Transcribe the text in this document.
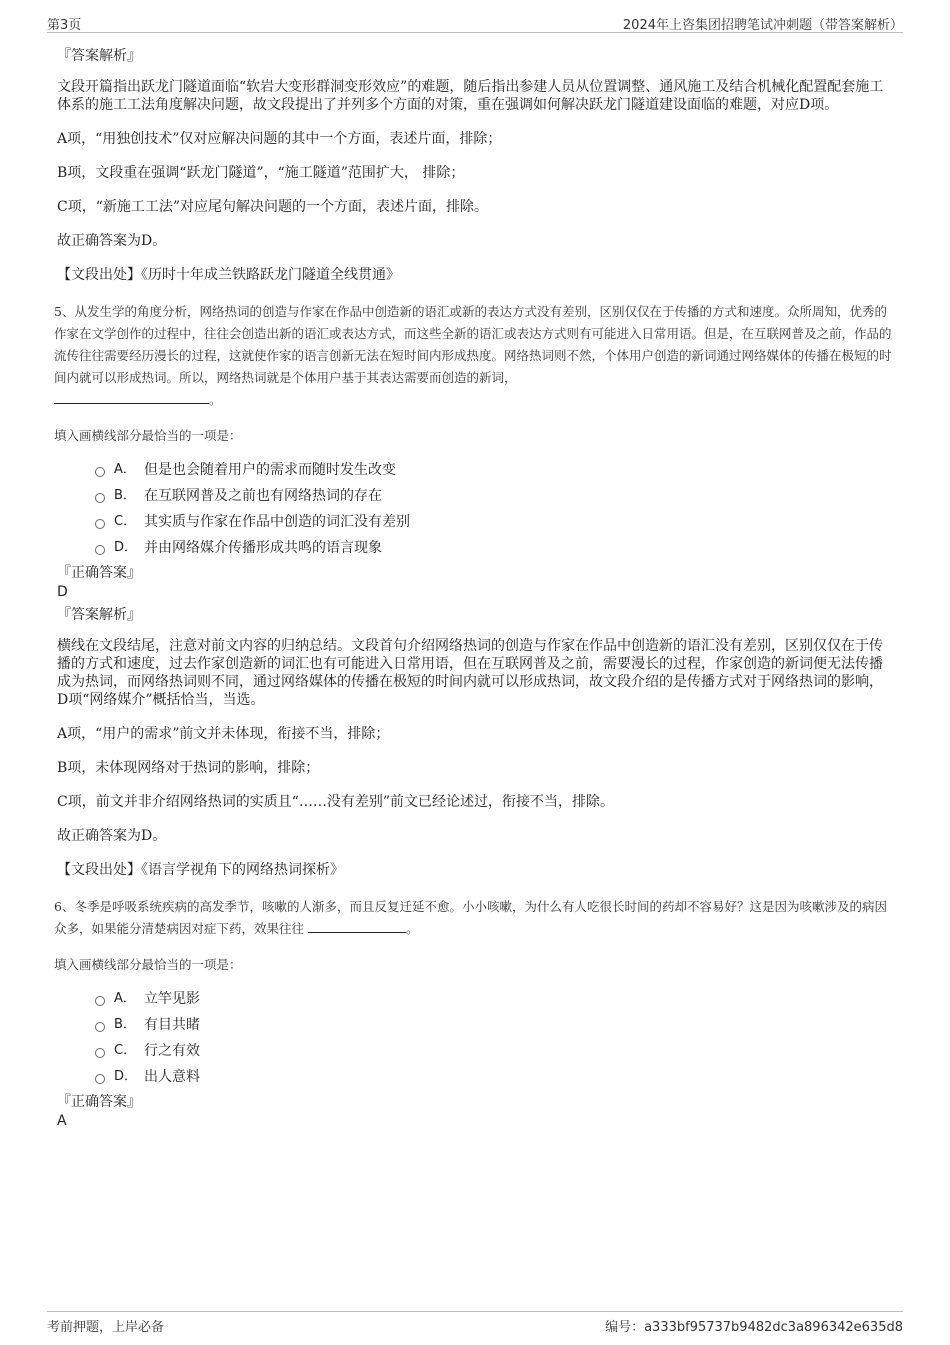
第3页	2024年上咨集团招聘笔试冲刺题（带答案解析）
『答案解析』
文段开篇指出跃龙门隧道面临“软岩大变形群洞变形效应”的难题，随后指出参建人员从位置调整、通风施工及结合机械化配置配套施工体系的施工工法角度解决问题，故文段提出了并列多个方面的对策，重在强调如何解决跃龙门隧道建设面临的难题，对应D项。
A项，“用独创技术”仅对应解决问题的其中一个方面，表述片面，排除；
B项，文段重在强调“跃龙门隧道”，“施工隧道”范围扩大， 排除；
C项，“新施工工法”对应尾句解决问题的一个方面，表述片面，排除。
故正确答案为D。
【文段出处】《历时十年成兰铁路跃龙门隧道全线贯通》
5、从发生学的角度分析，网络热词的创造与作家在作品中创造新的语汇或新的表达方式没有差别，区别仅仅在于传播的方式和速度。众所周知，优秀的作家在文学创作的过程中，往往会创造出新的语汇或表达方式，而这些全新的语汇或表达方式则有可能进入日常用语。但是，在互联网普及之前，作品的流传往往需要经历漫长的过程，这就使作家的语言创新无法在短时间内形成热度。网络热词则不然，个体用户创造的新词通过网络媒体的传播在极短的时间内就可以形成热词。所以，网络热词就是个体用户基于其表达需要而创造的新词，
。
填入画横线部分最恰当的一项是：
A． 但是也会随着用户的需求而随时发生改变
B． 在互联网普及之前也有网络热词的存在
C． 其实质与作家在作品中创造的词汇没有差别
D． 并由网络媒介传播形成共鸣的语言现象
『正确答案』
D
『答案解析』
横线在文段结尾，注意对前文内容的归纳总结。文段首句介绍网络热词的创造与作家在作品中创造新的语汇没有差别，区别仅仅在于传播的方式和速度，过去作家创造新的词汇也有可能进入日常用语，但在互联网普及之前，需要漫长的过程，作家创造的新词便无法传播成为热词，而网络热词则不同，通过网络媒体的传播在极短的时间内就可以形成热词，故文段介绍的是传播方式对于网络热词的影响，D项“网络媒介”概括恰当，当选。
A项，“用户的需求”前文并未体现，衔接不当，排除；
B项，未体现网络对于热词的影响，排除；
C项，前文并非介绍网络热词的实质且“……没有差别”前文已经论述过，衔接不当，排除。
故正确答案为D。
【文段出处】《语言学视角下的网络热词探析》
6、冬季是呼吸系统疾病的高发季节，咳嗽的人渐多，而且反复迁延不愈。小小咳嗽，为什么有人吃很长时间的药却不容易好？这是因为咳嗽涉及的病因众多，如果能分清楚病因对症下药，效果往往	。
填入画横线部分最恰当的一项是：
A． 立竿见影
B． 有目共睹
C． 行之有效
D． 出人意料
『正确答案』
A
考前押题，上岸必备	编号：a333bf95737b9482dc3a896342e635d8
